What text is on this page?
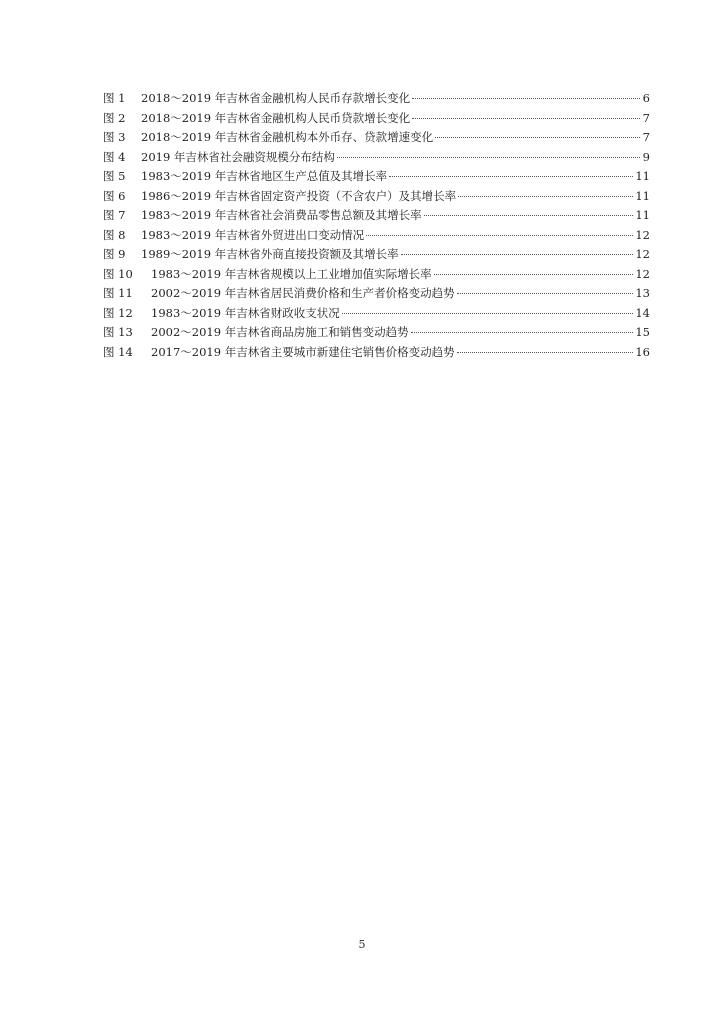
图 1	2018～2019 年吉林省金融机构人民币存款增长变化	6
图 2	2018～2019 年吉林省金融机构人民币贷款增长变化	7
图 3	2018～2019 年吉林省金融机构本外币存、贷款增速变化	7
图 4	2019 年吉林省社会融资规模分布结构	9
图 5	1983～2019 年吉林省地区生产总值及其增长率	11
图 6	1986～2019 年吉林省固定资产投资（不含农户）及其增长率	11
图 7	1983～2019 年吉林省社会消费品零售总额及其增长率	11
图 8	1983～2019 年吉林省外贸进出口变动情况	12
图 9	1989～2019 年吉林省外商直接投资额及其增长率	12
图 10	1983～2019 年吉林省规模以上工业增加值实际增长率	12
图 11	2002～2019 年吉林省居民消费价格和生产者价格变动趋势	13
图 12	1983～2019 年吉林省财政收支状况	14
图 13	2002～2019 年吉林省商品房施工和销售变动趋势	15
图 14	2017～2019 年吉林省主要城市新建住宅销售价格变动趋势	16
5
